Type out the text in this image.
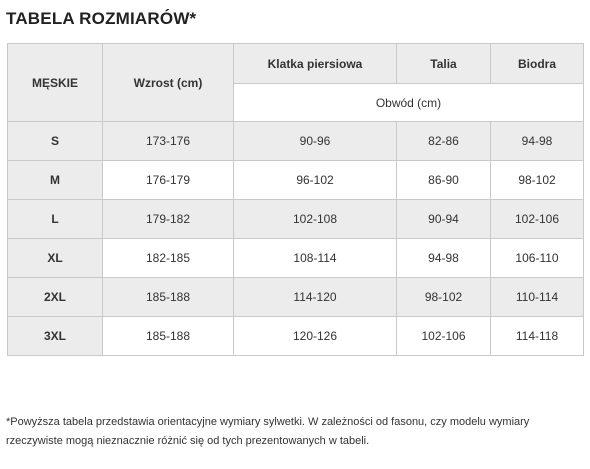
TABELA ROZMIARÓW*
MĘSKIE	Wzrost (cm)	Klatka piersiowa	Talia	Biodra
		Obwód (cm)		
S	173-176	90-96	82-86	94-98
M	176-179	96-102	86-90	98-102
L	179-182	102-108	90-94	102-106
XL	182-185	108-114	94-98	106-110
2XL	185-188	114-120	98-102	110-114
3XL	185-188	120-126	102-106	114-118
*Powyższa tabela przedstawia orientacyjne wymiary sylwetki. W zależności od fasonu, czy modelu wymiary
rzeczywiste mogą nieznacznie różnić się od tych prezentowanych w tabeli.
